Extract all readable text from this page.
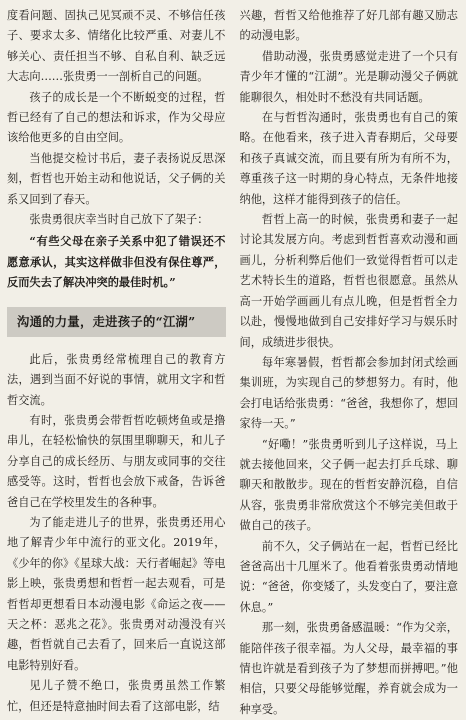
度看问题、固执己见冥顽不灵、不够信任孩子、要求太多、情绪化比较严重、对妻儿不够关心、责任担当不够、自私自利、缺乏远大志向……张贵勇一一剖析自己的问题。

孩子的成长是一个不断蜕变的过程，哲哲已经有了自己的想法和诉求，作为父母应该给他更多的自由空间。

当他提交检讨书后，妻子表扬说反思深刻，哲哲也开始主动和他说话，父子俩的关系又回到了春天。

张贵勇很庆幸当时自己放下了架子：

“有些父母在亲子关系中犯了错误还不愿意承认，其实这样做非但没有保住尊严，反而失去了解决冲突的最佳时机。”

沟通的力量，走进孩子的“江湖”

此后，张贵勇经常梳理自己的教育方法，遇到当面不好说的事情，就用文字和哲哲交流。

有时，张贵勇会带哲哲吃顿烤鱼或是撸串儿，在轻松愉快的氛围里聊聊天，和儿子分享自己的成长经历、与朋友或同事的交往感受等。这时，哲哲也会放下戒备，告诉爸爸自己在学校里发生的各种事。

为了能走进儿子的世界，张贵勇还用心地了解青少年中流行的亚文化。2019年，《少年的你》《星球大战：天行者崛起》等电影上映，张贵勇想和哲哲一起去观看，可是哲哲却更想看日本动漫电影《命运之夜——天之杯：恶兆之花》。张贵勇对动漫没有兴趣，哲哲就自己去看了，回来后一直说这部电影特别好看。

见儿子赞不绝口，张贵勇虽然工作繁忙，但还是特意抽时间去看了这部电影，结

兴趣，哲哲又给他推荐了好几部有趣又励志的动漫电影。

借助动漫，张贵勇感觉走进了一个只有青少年才懂的“江湖”。光是聊动漫父子俩就能聊很久，相处时不愁没有共同话题。

在与哲哲沟通时，张贵勇也有自己的策略。在他看来，孩子进入青春期后，父母要和孩子真诚交流，而且要有所为有所不为，尊重孩子这一时期的身心特点，无条件地接纳他，这样才能得到孩子的信任。

哲哲上高一的时候，张贵勇和妻子一起讨论其发展方向。考虑到哲哲喜欢动漫和画画儿，分析利弊后他们一致觉得哲哲可以走艺术特长生的道路，哲哲也很愿意。虽然从高一开始学画画儿有点儿晚，但是哲哲全力以赴，慢慢地做到自己安排好学习与娱乐时间，成绩进步很快。

每年寒暑假，哲哲都会参加封闭式绘画集训班，为实现自己的梦想努力。有时，他会打电话给张贵勇：“爸爸，我想你了，想回家待一天。”

“好嘞！”张贵勇听到儿子这样说，马上就去接他回来，父子俩一起去打乒乓球、聊聊天和散散步。现在的哲哲安静沉稳，自信从容，张贵勇非常欣赏这个不够完美但敢于做自己的孩子。

前不久，父子俩站在一起，哲哲已经比爸爸高出十几厘米了。他看着张贵勇动情地说：“爸爸，你变矮了，头发变白了，要注意休息。”

那一刻，张贵勇备感温暖：“作为父亲，能陪伴孩子很幸福。为人父母，最幸福的事情也许就是看到孩子为了梦想而拼搏吧。”他相信，只要父母能够觉醒，养育就会成为一种享受。
